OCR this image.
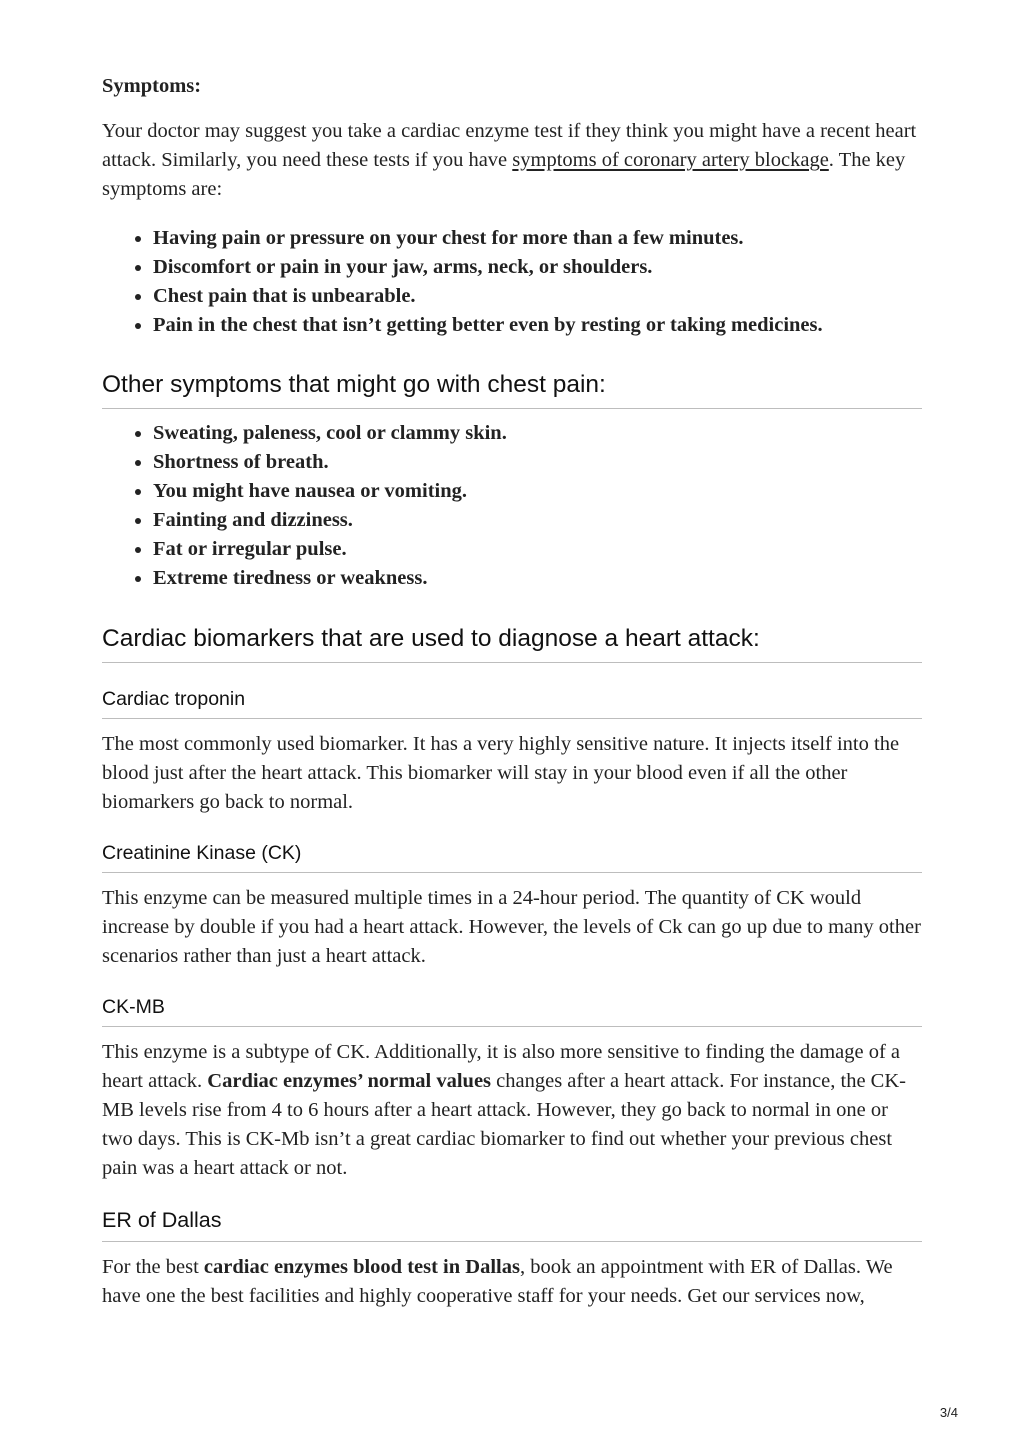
Symptoms:

Your doctor may suggest you take a cardiac enzyme test if they think you might have a recent heart attack. Similarly, you need these tests if you have symptoms of coronary artery blockage. The key symptoms are:

• Having pain or pressure on your chest for more than a few minutes.
• Discomfort or pain in your jaw, arms, neck, or shoulders.
• Chest pain that is unbearable.
• Pain in the chest that isn’t getting better even by resting or taking medicines.
Other symptoms that might go with chest pain:
• Sweating, paleness, cool or clammy skin.
• Shortness of breath.
• You might have nausea or vomiting.
• Fainting and dizziness.
• Fat or irregular pulse.
• Extreme tiredness or weakness.
Cardiac biomarkers that are used to diagnose a heart attack:
Cardiac troponin

The most commonly used biomarker. It has a very highly sensitive nature. It injects itself into the blood just after the heart attack. This biomarker will stay in your blood even if all the other biomarkers go back to normal.

Creatinine Kinase (CK)

This enzyme can be measured multiple times in a 24-hour period. The quantity of CK would increase by double if you had a heart attack. However, the levels of Ck can go up due to many other scenarios rather than just a heart attack.

CK-MB

This enzyme is a subtype of CK. Additionally, it is also more sensitive to finding the damage of a heart attack. Cardiac enzymes’ normal values changes after a heart attack. For instance, the CK-MB levels rise from 4 to 6 hours after a heart attack. However, they go back to normal in one or two days. This is CK-Mb isn’t a great cardiac biomarker to find out whether your previous chest pain was a heart attack or not.

ER of Dallas

For the best cardiac enzymes blood test in Dallas, book an appointment with ER of Dallas. We have one the best facilities and highly cooperative staff for your needs. Get our services now,

3/4
